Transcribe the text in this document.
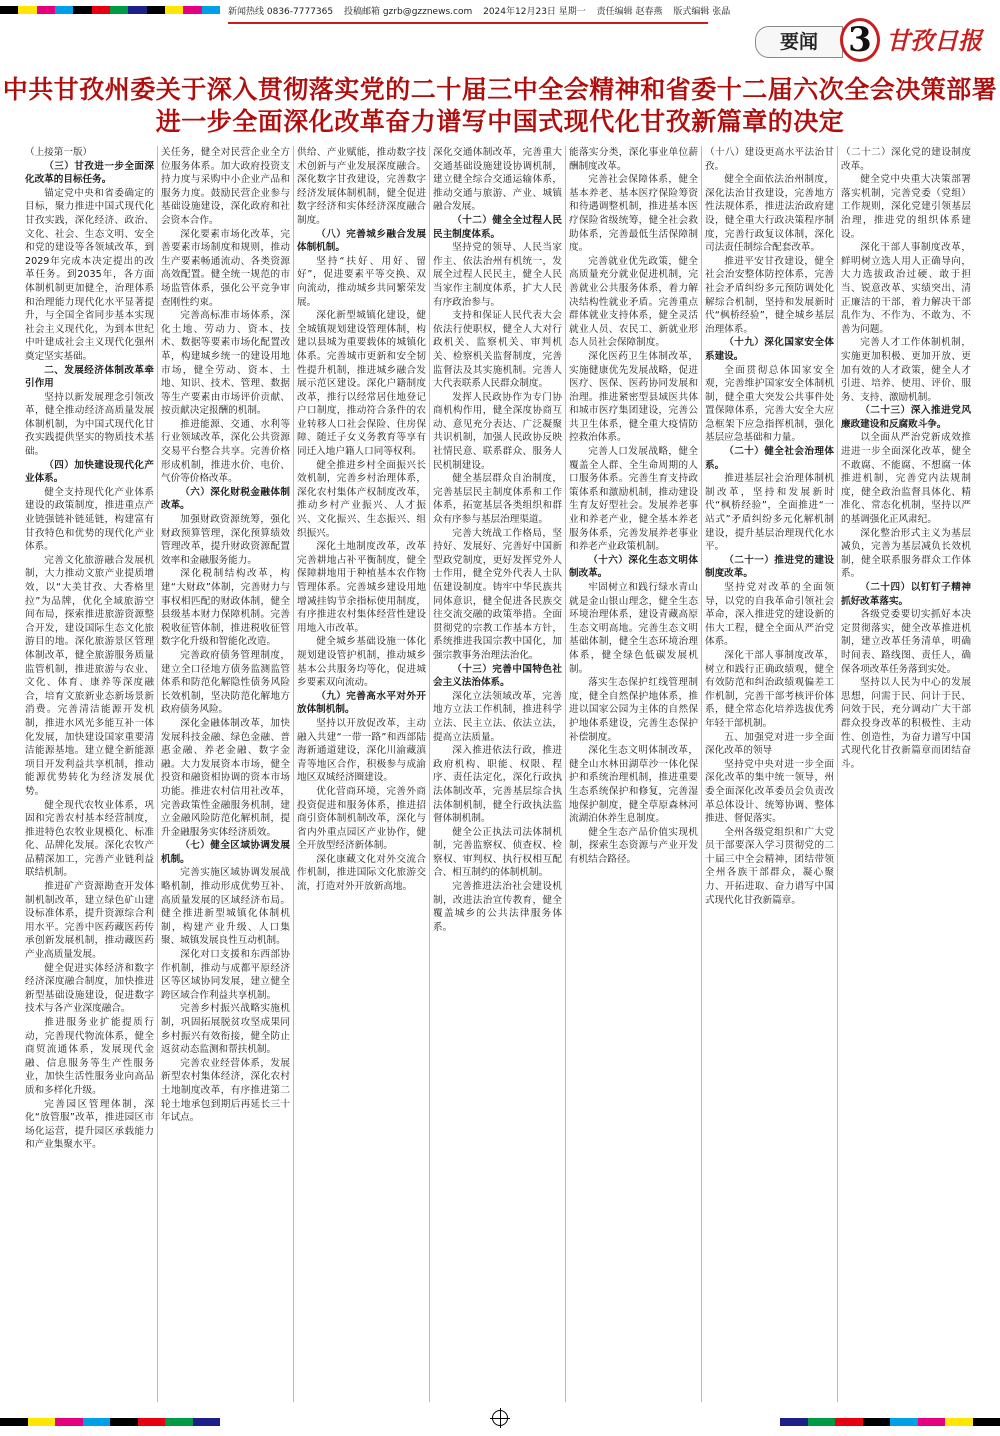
新闻热线 0836-7777365 投稿邮箱 gzrb@gzznews.com 2024年12月23日 星期一 责任编辑 赵春燕 版式编辑 张晶
要闻 3 甘孜日报
中共甘孜州委关于深入贯彻落实党的二十届三中全会精神和省委十二届六次全会决策部署
进一步全面深化改革奋力谱写中国式现代化甘孜新篇章的决定

（上接第一版）

（三）甘孜进一步全面深化改革的目标任务。

锚定党中央和省委确定的目标，聚力推进中国式现代化甘孜实践，深化经济、政治、文化、社会、生态文明、安全和党的建设等各领域改革，到2029年完成本决定提出的改革任务。到2035年，各方面体制机制更加健全，治理体系和治理能力现代化水平显著提升，与全国全省同步基本实现社会主义现代化，为到本世纪中叶建成社会主义现代化强州奠定坚实基础。

二、发展经济体制改革牵引作用

坚持以新发展理念引领改革，健全推动经济高质量发展体制机制，为中国式现代化甘孜实践提供坚实的物质技术基础。

（四）加快建设现代化产业体系。

健全支持现代化产业体系建设的政策制度，推进重点产业链强链补链延链，构建富有甘孜特色和优势的现代化产业体系。

完善文化旅游融合发展机制，大力推动文旅产业提质增效，以“大美甘孜、大香格里拉”为品牌，优化全域旅游空间布局，探索推进旅游资源整合开发，建设国际生态文化旅游目的地。深化旅游景区管理体制改革，健全旅游服务质量监管机制，推进旅游与农业、文化、体育、康养等深度融合，培育文旅新业态新场景新消费。完善清洁能源开发机制，推进水风光多能互补一体化发展，加快建设国家重要清洁能源基地。建立健全新能源项目开发利益共享机制，推动能源优势转化为经济发展优势。

健全现代农牧业体系，巩固和完善农村基本经营制度，推进特色农牧业规模化、标准化、品牌化发展。深化农牧产品精深加工，完善产业链利益联结机制。

推进矿产资源勘查开发体制机制改革，建立绿色矿山建设标准体系，提升资源综合利用水平。完善中医药藏医药传承创新发展机制，推动藏医药产业高质量发展。

健全促进实体经济和数字经济深度融合制度，加快推进新型基础设施建设，促进数字技术与各产业深度融合。

推进服务业扩能提质行动，完善现代物流体系，健全商贸流通体系，发展现代金融、信息服务等生产性服务业，加快生活性服务业向高品质和多样化升级。

完善园区管理体制，深化“放管服”改革，推进园区市场化运营，提升园区承载能力和产业集聚水平。

关任务，健全对民营企业全方位服务体系。加大政府投资支持力度与采购中小企业产品和服务力度。鼓励民营企业参与基础设施建设，深化政府和社会资本合作。

深化要素市场化改革，完善要素市场制度和规则，推动生产要素畅通流动、各类资源高效配置。健全统一规范的市场监管体系，强化公平竞争审查刚性约束。

完善高标准市场体系，深化土地、劳动力、资本、技术、数据等要素市场化配置改革，构建城乡统一的建设用地市场，健全劳动、资本、土地、知识、技术、管理、数据等生产要素由市场评价贡献、按贡献决定报酬的机制。

推进能源、交通、水利等行业领域改革，深化公共资源交易平台整合共享。完善价格形成机制，推进水价、电价、气价等价格改革。

（六）深化财税金融体制改革。

加强财政资源统筹，强化财政预算管理，深化预算绩效管理改革，提升财政资源配置效率和金融服务能力。

深化税制结构改革，构建“大财政”体制，完善财力与事权相匹配的财政体制，健全县级基本财力保障机制。完善税收征管体制，推进税收征管数字化升级和智能化改造。

完善政府债务管理制度，建立全口径地方债务监测监管体系和防范化解隐性债务风险长效机制，坚决防范化解地方政府债务风险。

深化金融体制改革，加快发展科技金融、绿色金融、普惠金融、养老金融、数字金融。大力发展资本市场，健全投资和融资相协调的资本市场功能。推进农村信用社改革，完善政策性金融服务机制，建立金融风险防范化解机制，提升金融服务实体经济质效。

（七）健全区域协调发展机制。

完善实施区域协调发展战略机制，推动形成优势互补、高质量发展的区域经济布局。健全推进新型城镇化体制机制，构建产业升级、人口集聚、城镇发展良性互动机制。

深化对口支援和东西部协作机制，推动与成都平原经济区等区域协同发展，建立健全跨区域合作利益共享机制。

完善乡村振兴战略实施机制，巩固拓展脱贫攻坚成果同乡村振兴有效衔接，健全防止返贫动态监测和帮扶机制。

完善农业经营体系，发展新型农村集体经济，深化农村土地制度改革，有序推进第二轮土地承包到期后再延长三十年试点。

供给、产业赋能，推动数字技术创新与产业发展深度融合。深化数字甘孜建设，完善数字经济发展体制机制，健全促进数字经济和实体经济深度融合制度。

（八）完善城乡融合发展体制机制。

坚持“扶好、用好、留好”，促进要素平等交换、双向流动，推动城乡共同繁荣发展。

深化新型城镇化建设，健全城镇规划建设管理体制，构建以县城为重要载体的城镇化体系。完善城市更新和安全韧性提升机制，推进城乡融合发展示范区建设。深化户籍制度改革，推行以经常居住地登记户口制度，推动符合条件的农业转移人口社会保险、住房保障、随迁子女义务教育等享有同迁入地户籍人口同等权利。

健全推进乡村全面振兴长效机制，完善乡村治理体系，深化农村集体产权制度改革，推动乡村产业振兴、人才振兴、文化振兴、生态振兴、组织振兴。

深化土地制度改革，改革完善耕地占补平衡制度，健全保障耕地用于种植基本农作物管理体系。完善城乡建设用地增减挂钩节余指标使用制度，有序推进农村集体经营性建设用地入市改革。

健全城乡基础设施一体化规划建设管护机制，推动城乡基本公共服务均等化，促进城乡要素双向流动。

（九）完善高水平对外开放体制机制。

坚持以开放促改革，主动融入共建“一带一路”和西部陆海新通道建设，深化川渝藏滇青等地区合作，积极参与成渝地区双城经济圈建设。

优化营商环境，完善外商投资促进和服务体系，推进招商引资体制机制改革，深化与省内外重点园区产业协作，健全开放型经济新体制。

深化康藏文化对外交流合作机制，推进国际文化旅游交流，打造对外开放新高地。

深化交通体制改革，完善重大交通基础设施建设协调机制，建立健全综合交通运输体系，推动交通与旅游、产业、城镇融合发展。

（十二）健全全过程人民民主制度体系。

坚持党的领导、人民当家作主、依法治州有机统一，发展全过程人民民主，健全人民当家作主制度体系，扩大人民有序政治参与。

支持和保证人民代表大会依法行使职权，健全人大对行政机关、监察机关、审判机关、检察机关监督制度，完善监督法及其实施机制。完善人大代表联系人民群众制度。

发挥人民政协作为专门协商机构作用，健全深度协商互动、意见充分表达、广泛凝聚共识机制，加强人民政协反映社情民意、联系群众、服务人民机制建设。

健全基层群众自治制度，完善基层民主制度体系和工作体系，拓宽基层各类组织和群众有序参与基层治理渠道。

完善大统战工作格局，坚持好、发展好、完善好中国新型政党制度，更好发挥党外人士作用，健全党外代表人士队伍建设制度。铸牢中华民族共同体意识，健全促进各民族交往交流交融的政策举措。全面贯彻党的宗教工作基本方针，系统推进我国宗教中国化，加强宗教事务治理法治化。

（十三）完善中国特色社会主义法治体系。

深化立法领域改革，完善地方立法工作机制，推进科学立法、民主立法、依法立法，提高立法质量。

深入推进依法行政，推进政府机构、职能、权限、程序、责任法定化，深化行政执法体制改革，完善基层综合执法体制机制，健全行政执法监督体制机制。

健全公正执法司法体制机制，完善监察权、侦查权、检察权、审判权、执行权相互配合、相互制约的体制机制。

完善推进法治社会建设机制，改进法治宣传教育，健全覆盖城乡的公共法律服务体系。

能落实分类，深化事业单位薪酬制度改革。

完善社会保障体系，健全基本养老、基本医疗保险筹资和待遇调整机制，推进基本医疗保险省级统筹，健全社会救助体系，完善最低生活保障制度。

完善就业优先政策，健全高质量充分就业促进机制，完善就业公共服务体系，着力解决结构性就业矛盾。完善重点群体就业支持体系，健全灵活就业人员、农民工、新就业形态人员社会保障制度。

深化医药卫生体制改革，实施健康优先发展战略，促进医疗、医保、医药协同发展和治理。推进紧密型县域医共体和城市医疗集团建设，完善公共卫生体系，健全重大疫情防控救治体系。

完善人口发展战略，健全覆盖全人群、全生命周期的人口服务体系。完善生育支持政策体系和激励机制，推动建设生育友好型社会。发展养老事业和养老产业，健全基本养老服务体系，完善发展养老事业和养老产业政策机制。

（十六）深化生态文明体制改革。

牢固树立和践行绿水青山就是金山银山理念，健全生态环境治理体系，建设青藏高原生态文明高地。完善生态文明基础体制，健全生态环境治理体系，健全绿色低碳发展机制。

落实生态保护红线管理制度，健全自然保护地体系，推进以国家公园为主体的自然保护地体系建设，完善生态保护补偿制度。

深化生态文明体制改革，健全山水林田湖草沙一体化保护和系统治理机制，推进重要生态系统保护和修复，完善湿地保护制度，健全草原森林河流湖泊休养生息制度。

健全生态产品价值实现机制，探索生态资源与产业开发有机结合路径。

（十八）建设更高水平法治甘孜。

健全全面依法治州制度，深化法治甘孜建设，完善地方性法规体系，推进法治政府建设，健全重大行政决策程序制度，完善行政复议体制，深化司法责任制综合配套改革。

推进平安甘孜建设，健全社会治安整体防控体系，完善社会矛盾纠纷多元预防调处化解综合机制，坚持和发展新时代“枫桥经验”，健全城乡基层治理体系。

（十九）深化国家安全体系建设。

全面贯彻总体国家安全观，完善维护国家安全体制机制，健全重大突发公共事件处置保障体系，完善大安全大应急框架下应急指挥机制，强化基层应急基础和力量。

（二十）健全社会治理体系。

推进基层社会治理体制机制改革，坚持和发展新时代“枫桥经验”，全面推进“一站式”矛盾纠纷多元化解机制建设，提升基层治理现代化水平。

（二十一）推进党的建设制度改革。

坚持党对改革的全面领导，以党的自我革命引领社会革命，深入推进党的建设新的伟大工程，健全全面从严治党体系。

深化干部人事制度改革，树立和践行正确政绩观，健全有效防范和纠治政绩观偏差工作机制，完善干部考核评价体系，健全常态化培养选拔优秀年轻干部机制。

五、加强党对进一步全面深化改革的领导

坚持党中央对进一步全面深化改革的集中统一领导，州委全面深化改革委员会负责改革总体设计、统筹协调、整体推进、督促落实。

全州各级党组织和广大党员干部要深入学习贯彻党的二十届三中全会精神，团结带领全州各族干部群众，凝心聚力、开拓进取、奋力谱写中国式现代化甘孜新篇章。

（二十二）深化党的建设制度改革。

健全党中央重大决策部署落实机制，完善党委（党组）工作规则，深化党建引领基层治理，推进党的组织体系建设。

深化干部人事制度改革，鲜明树立选人用人正确导向，大力选拔政治过硬、敢于担当、锐意改革、实绩突出、清正廉洁的干部，着力解决干部乱作为、不作为、不敢为、不善为问题。

完善人才工作体制机制，实施更加积极、更加开放、更加有效的人才政策，健全人才引进、培养、使用、评价、服务、支持、激励机制。

（二十三）深入推进党风廉政建设和反腐败斗争。

以全面从严治党新成效推进进一步全面深化改革，健全不敢腐、不能腐、不想腐一体推进机制，完善党内法规制度，健全政治监督具体化、精准化、常态化机制，坚持以严的基调强化正风肃纪。

深化整治形式主义为基层减负，完善为基层减负长效机制，健全联系服务群众工作体系。

（二十四）以钉钉子精神抓好改革落实。

各级党委要切实抓好本决定贯彻落实，健全改革推进机制，建立改革任务清单，明确时间表、路线图、责任人，确保各项改革任务落到实处。

坚持以人民为中心的发展思想，问需于民、问计于民、问效于民，充分调动广大干部群众投身改革的积极性、主动性、创造性，为奋力谱写中国式现代化甘孜新篇章而团结奋斗。
